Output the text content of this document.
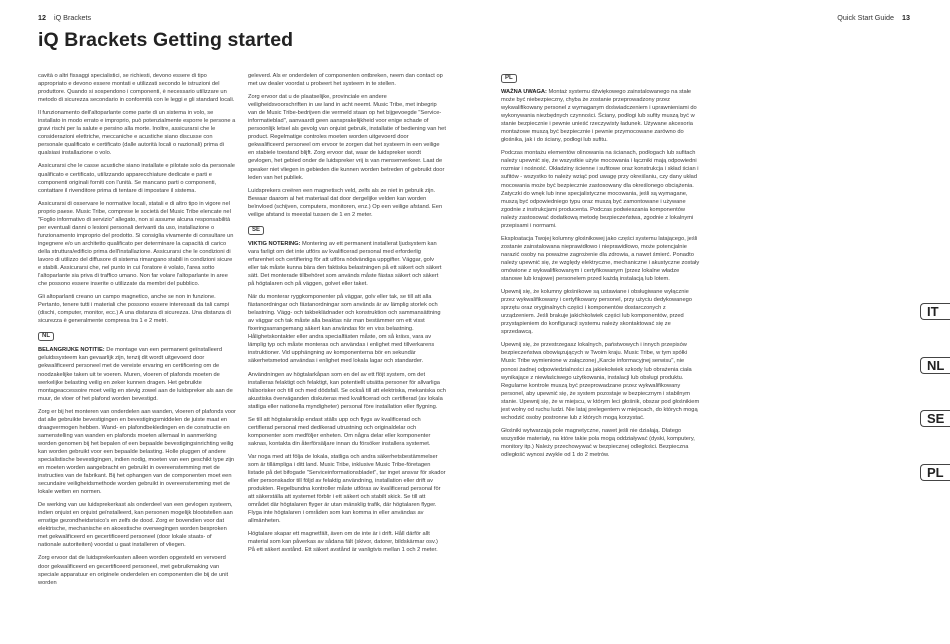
12 iQ Brackets	Quick Start Guide 13
iQ Brackets Getting started

cavità o altri fissaggi specialistici, se richiesti, devono essere di tipo appropriato e devono essere montati e utilizzati secondo le istruzioni del produttore. Quando si sospendono i componenti, è necessario utilizzare un metodo di sicurezza secondario in conformità con le leggi e gli standard locali.

Il funzionamento dell'altoparlante come parte di un sistema in volo, se installato in modo errato e improprio, può potenzialmente esporre le persone a gravi rischi per la salute e persino alla morte. Inoltre, assicurarsi che le considerazioni elettriche, meccaniche e acustiche siano discusse con personale qualificato e certificato (dalle autorità locali o nazionali) prima di qualsiasi installazione o volo.

Assicurarsi che le casse acustiche siano installate e pilotate solo da personale qualificato e certificato, utilizzando apparecchiature dedicate e parti e componenti originali forniti con l'unità. Se mancano parti o componenti, contattare il rivenditore prima di tentare di impostare il sistema.

Assicurarsi di osservare le normative locali, statali e di altro tipo in vigore nel proprio paese. Music Tribe, comprese le società del Music Tribe elencate nel "Foglio informativo di servizio" allegato, non si assume alcuna responsabilità per eventuali danni o lesioni personali derivanti da uso, installazione o funzionamento improprio del prodotto. Si consiglia vivamente di consultare un ingegnere e/o un architetto qualificato per determinare la capacità di carico della struttura/edificio prima dell'installazione. Assicurarsi che le condizioni di lavoro di utilizzo del diffusore di sistema rimangano stabili in condizioni sicure e stabili. Assicurarsi che, nel punto in cui l'oratore è volato, l'area sotto l'altoparlante sia priva di traffico umano. Non far volare l'altoparlante in aree che possono essere inserite o utilizzate da membri del pubblico.

Gli altoparlanti creano un campo magnetico, anche se non in funzione. Pertanto, tenere tutti i materiali che possono essere interessati da tali campi (dischi, computer, monitor, ecc.) A una distanza di sicurezza. Una distanza di sicurezza è generalmente compresa tra 1 e 2 metri.

NL

BELANGRIJKE NOTITIE: De montage van een permanent geïnstalleerd geluidssysteem kan gevaarlijk zijn, tenzij dit wordt uitgevoerd door gekwalificeerd personeel met de vereiste ervaring en certificering om de noodzakelijke taken uit te voeren. Muren, vloeren of plafonds moeten de werkelijke belasting veilig en zeker kunnen dragen. Het gebruikte montageaccessoire moet veilig en stevig zowel aan de luidspreker als aan de muur, de vloer of het plafond worden bevestigd.

Zorg er bij het monteren van onderdelen aan wanden, vloeren of plafonds voor dat alle gebruikte bevestigingen en bevestigingsmiddelen de juiste maat en draagvermogen hebben. Wand- en plafondbekledingen en de constructie en samenstelling van wanden en plafonds moeten allemaal in aanmerking worden genomen bij het bepalen of een bepaalde bevestigingsinrichting veilig kan worden gebruikt voor een bepaalde belasting. Holle pluggen of andere specialistische bevestigingen, indien nodig, moeten van een geschikt type zijn en moeten worden aangebracht en gebruikt in overeenstemming met de instructies van de fabrikant. Bij het ophangen van de componenten moet een secundaire veiligheidsmethode worden gebruikt in overeenstemming met de lokale wetten en normen.

De werking van uw luidsprekerkast als onderdeel van een gevlogen systeem, indien onjuist en onjuist geïnstalleerd, kan personen mogelijk blootstellen aan ernstige gezondheidsrisico's en zelfs de dood. Zorg er bovendien voor dat elektrische, mechanische en akoestische overwegingen worden besproken met gekwalificeerd en gecertificeerd personeel (door lokale staats- of nationale autoriteiten) voordat u gaat installeren of vliegen.

Zorg ervoor dat de luidsprekerkasten alleen worden opgesteld en vervoerd door gekwalificeerd en gecertificeerd personeel, met gebruikmaking van speciale apparatuur en originele onderdelen en componenten die bij de unit worden

geleverd. Als er onderdelen of componenten ontbreken, neem dan contact op met uw dealer voordat u probeert het systeem in te stellen.

Zorg ervoor dat u de plaatselijke, provinciale en andere veiligheidsvoorschriften in uw land in acht neemt. Music Tribe, met inbegrip van de Music Tribe-bedrijven die vermeld staan op het bijgevoegde "Service-informatieblad", aanvaardt geen aansprakelijkheid voor enige schade of persoonlijk letsel als gevolg van onjuist gebruik, installatie of bediening van het product. Regelmatige controles moeten worden uitgevoerd door gekwalificeerd personeel om ervoor te zorgen dat het systeem in een veilige en stabiele toestand blijft. Zorg ervoor dat, waar de luidspreker wordt gevlogen, het gebied onder de luidspreker vrij is van mensenverkeer. Laat de speaker niet vliegen in gebieden die kunnen worden betreden of gebruikt door leden van het publiek.

Luidsprekers creëren een magnetisch veld, zelfs als ze niet in gebruik zijn. Bewaar daarom al het materiaal dat door dergelijke velden kan worden beïnvloed (schijven, computers, monitoren, enz.) Op een veilige afstand. Een veilige afstand is meestal tussen de 1 en 2 meter.

SE

VIKTIG NOTERING: Montering av ett permanent installerat ljudsystem kan vara farligt om det inte utförs av kvalificerad personal med erforderlig erfarenhet och certifiering för att utföra nödvändiga uppgifter. Väggar, golv eller tak måste kunna bära den faktiska belastningen på ett säkert och säkert sätt. Det monterade tillbehöret som används måste fästas säkert och säkert på högtalaren och på väggen, golvet eller taket.

När du monterar ryggkomponenter på väggar, golv eller tak, se till att alla fästanordningar och fästanordningar som används är av lämplig storlek och belastning. Vägg- och takbeklädnader och konstruktion och sammansättning av väggar och tak måste alla beaktas när man bestämmer om ett visst fixeringsarrangemang säkert kan användas för en viss belastning. Hålighetskontakter eller andra specialfästen måste, om så krävs, vara av lämplig typ och måste monteras och användas i enlighet med tillverkarens instruktioner. Vid upphängning av komponenterna bör en sekundär säkerhetsmetod användas i enlighet med lokala lagar och standarder.

Användningen av högtalarkåpan som en del av ett flöjt system, om det installeras felaktigt och felaktigt, kan potentiellt utsätta personer för allvarliga hälsorisker och till och med dödsfall. Se också till att elektriska, mekaniska och akustiska överväganden diskuteras med kvalificerad och certifierad (av lokala statliga eller nationella myndigheter) personal före installation eller flygning.

Se till att högtalarskåp endast ställs upp och flygs av kvalificerad och certifierad personal med dedikerad utrustning och originaldelar och komponenter som medföljer enheten. Om några delar eller komponenter saknas, kontakta din återförsäljare innan du försöker installera systemet.

Var noga med att följa de lokala, statliga och andra säkerhetsbestämmelser som är tillämpliga i ditt land. Music Tribe, inklusive Music Tribe-företagen listade på det bifogade "Serviceinformationsbladet", tar inget ansvar för skador eller personskador till följd av felaktig användning, installation eller drift av produkten. Regelbundna kontroller måste utföras av kvalificerad personal för att säkerställa att systemet förblir i ett säkert och stabilt skick. Se till att området där högtalaren flyger är utan mänsklig trafik, där högtalaren flyger. Flyga inte högtalaren i områden som kan komma in eller användas av allmänheten.

Högtalare skapar ett magnetfält, även om de inte är i drift. Håll därför allt material som kan påverkas av sådana fält (skivor, datorer, bildskärmar osv.) På ett säkert avstånd. Ett säkert avstånd är vanligtvis mellan 1 och 2 meter.

PL

WAŻNA UWAGA: Montaż systemu dźwiękowego zainstalowanego na stałe może być niebezpieczny, chyba że zostanie przeprowadzony przez wykwalifikowany personel z wymaganym doświadczeniem i uprawnieniami do wykonywania niezbędnych czynności. Ściany, podłogi lub sufity muszą być w stanie bezpiecznie i pewnie unieść rzeczywisty ładunek. Używane akcesoria montażowe muszą być bezpiecznie i pewnie przymocowane zarówno do głośnika, jak i do ściany, podłogi lub sufitu.

Podczas montażu elementów olinowania na ścianach, podłogach lub sufitach należy upewnić się, że wszystkie użyte mocowania i łączniki mają odpowiedni rozmiar i nośność. Okładziny ścienne i sufitowe oraz konstrukcja i skład ścian i sufitów - wszystko to należy wziąć pod uwagę przy określaniu, czy dany układ mocowania może być bezpiecznie zastosowany dla określonego obciążenia. Zatyczki do wnęk lub inne specjalistyczne mocowania, jeśli są wymagane, muszą być odpowiedniego typu oraz muszą być zamontowane i używane zgodnie z instrukcjami producenta. Podczas podwieszania komponentów należy zastosować dodatkową metodę bezpieczeństwa, zgodnie z lokalnymi przepisami i normami.

Eksploatacja Twojej kolumny głośnikowej jako części systemu latającego, jeśli zostanie zainstalowana nieprawidłowo i nieprawidłowo, może potencjalnie narazić osoby na poważne zagrożenie dla zdrowia, a nawet śmierć. Ponadto należy upewnić się, że względy elektryczne, mechaniczne i akustyczne zostały omówione z wykwalifikowanym i certyfikowanym (przez lokalne władze stanowe lub krajowe) personelem przed każdą instalacją lub lotem.

Upewnij się, że kolumny głośnikowe są ustawiane i obsługiwane wyłącznie przez wykwalifikowany i certyfikowany personel, przy użyciu dedykowanego sprzętu oraz oryginalnych części i komponentów dostarczonych z urządzeniem. Jeśli brakuje jakichkolwiek części lub komponentów, przed przystąpieniem do konfiguracji systemu należy skontaktować się ze sprzedawcą.

Upewnij się, że przestrzegasz lokalnych, państwowych i innych przepisów bezpieczeństwa obowiązujących w Twoim kraju. Music Tribe, w tym spółki Music Tribe wymienione w załączonej „Karcie informacyjnej serwisu", nie ponosi żadnej odpowiedzialności za jakiekolwiek szkody lub obrażenia ciała wynikające z niewłaściwego użytkowania, instalacji lub obsługi produktu. Regularne kontrole muszą być przeprowadzane przez wykwalifikowany personel, aby upewnić się, że system pozostaje w bezpiecznym i stabilnym stanie. Upewnij się, że w miejscu, w którym leci głośnik, obszar pod głośnikiem jest wolny od ruchu ludzi. Nie lataj prelegentem w miejscach, do których mogą wchodzić osoby postronne lub z których mogą korzystać.

Głośniki wytwarzają pole magnetyczne, nawet jeśli nie działają. Dlatego wszystkie materiały, na które takie pola mogą oddziaływać (dyski, komputery, monitory itp.) Należy przechowywać w bezpiecznej odległości. Bezpieczna odległość wynosi zwykle od 1 do 2 metrów.

IT
NL
SE
PL
